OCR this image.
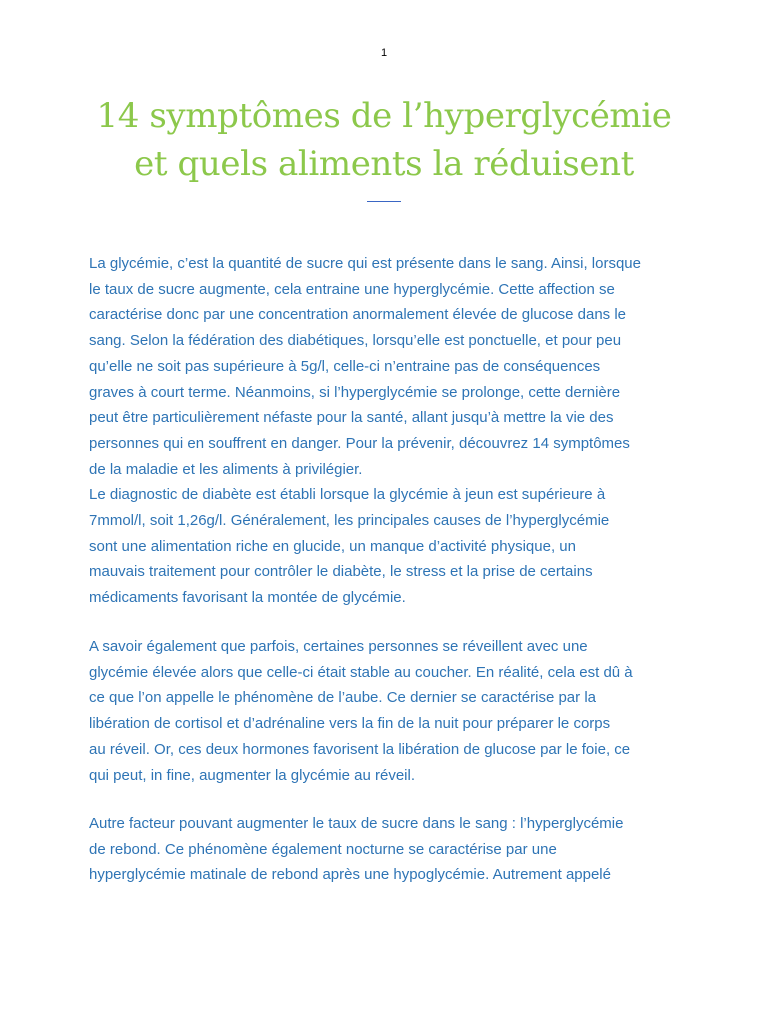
1

14 symptômes de l’hyperglycémie
et quels aliments la réduisent
La glycémie, c’est la quantité de sucre qui est présente dans le sang. Ainsi, lorsque
le taux de sucre augmente, cela entraine une hyperglycémie. Cette affection se
caractérise donc par une concentration anormalement élevée de glucose dans le
sang. Selon la fédération des diabétiques, lorsqu’elle est ponctuelle, et pour peu
qu’elle ne soit pas supérieure à 5g/l, celle-ci n’entraine pas de conséquences
graves à court terme. Néanmoins, si l’hyperglycémie se prolonge, cette dernière
peut être particulièrement néfaste pour la santé, allant jusqu’à mettre la vie des
personnes qui en souffrent en danger. Pour la prévenir, découvrez 14 symptômes
de la maladie et les aliments à privilégier.
Le diagnostic de diabète est établi lorsque la glycémie à jeun est supérieure à
7mmol/l, soit 1,26g/l. Généralement, les principales causes de l’hyperglycémie
sont une alimentation riche en glucide, un manque d’activité physique, un
mauvais traitement pour contrôler le diabète, le stress et la prise de certains
médicaments favorisant la montée de glycémie.
A savoir également que parfois, certaines personnes se réveillent avec une
glycémie élevée alors que celle-ci était stable au coucher. En réalité, cela est dû à
ce que l’on appelle le phénomène de l’aube. Ce dernier se caractérise par la
libération de cortisol et d’adrénaline vers la fin de la nuit pour préparer le corps
au réveil. Or, ces deux hormones favorisent la libération de glucose par le foie, ce
qui peut, in fine, augmenter la glycémie au réveil.
Autre facteur pouvant augmenter le taux de sucre dans le sang : l’hyperglycémie
de rebond. Ce phénomène également nocturne se caractérise par une
hyperglycémie matinale de rebond après une hypoglycémie. Autrement appelé
